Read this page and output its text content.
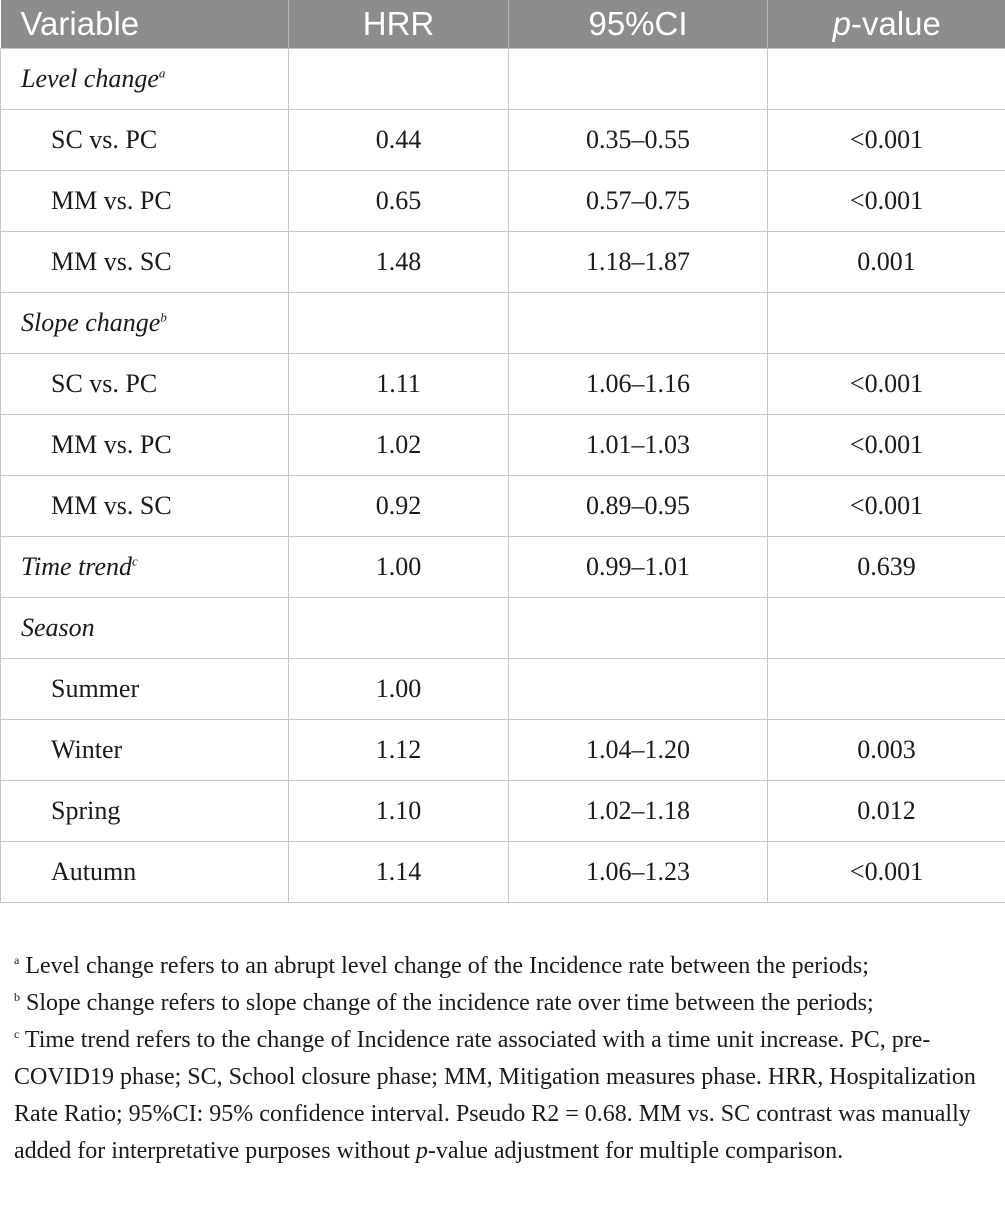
Variable	HRR	95%CI	p-value
Level change$^a$			
SC vs. PC	0.44	0.35–0.55	<0.001
MM vs. PC	0.65	0.57–0.75	<0.001
MM vs. SC	1.48	1.18–1.87	0.001
Slope change$^b$			
SC vs. PC	1.11	1.06–1.16	<0.001
MM vs. PC	1.02	1.01–1.03	<0.001
MM vs. SC	0.92	0.89–0.95	<0.001
Time trend$^c$	1.00	0.99–1.01	0.639
Season			
Summer	1.00		
Winter	1.12	1.04–1.20	0.003
Spring	1.10	1.02–1.18	0.012
Autumn	1.14	1.06–1.23	<0.001

$^a$ Level change refers to an abrupt level change of the Incidence rate between the periods;

$^b$ Slope change refers to slope change of the incidence rate over time between the periods;

$^c$ Time trend refers to the change of Incidence rate associated with a time unit increase. PC, pre-COVID19 phase; SC, School closure phase; MM, Mitigation measures phase. HRR, Hospitalization Rate Ratio; 95%CI: 95% confidence interval. Pseudo R2 = 0.68. MM vs. SC contrast was manually added for interpretative purposes without p-value adjustment for multiple comparison.
